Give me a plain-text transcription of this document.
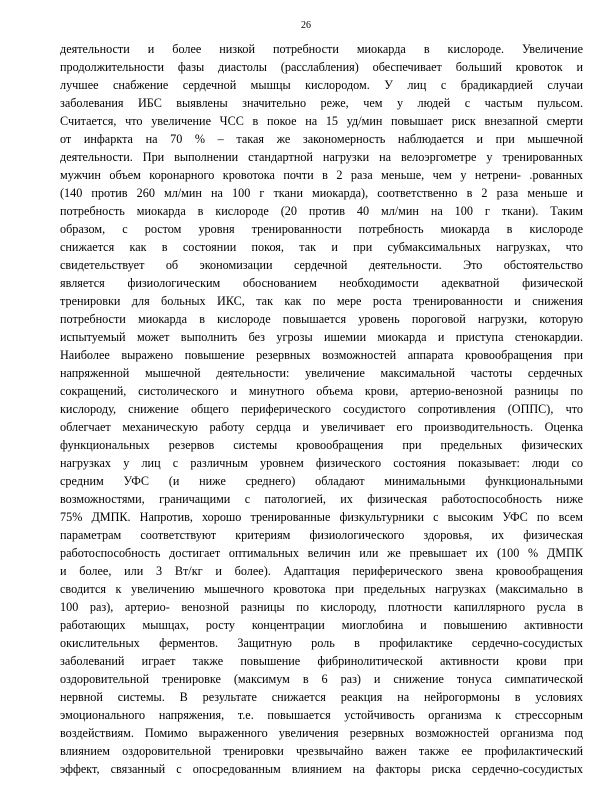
26
деятельности и более низкой потребности миокарда в кислороде. Увеличение
продолжительности фазы диастолы (расслабления) обеспечивает больший кровоток и
лучшее снабжение сердечной мышцы кислородом. У лиц с брадикардией случаи
заболевания ИБС выявлены значительно реже, чем у людей с частым пульсом.
Считается, что увеличение ЧСС в покое на 15 уд/мин повышает риск внезапной смерти
от инфаркта на 70 % – такая же закономерность наблюдается и при мышечной
деятельности. При выполнении стандартной нагрузки на велоэргометре у тренированных
мужчин объем коронарного кровотока почти в 2 раза меньше, чем у нетрени- .рованных
(140 против 260 мл/мин на 100 г ткани миокарда), соответственно в 2 раза меньше и
потребность миокарда в кислороде (20 против 40 мл/мин на 100 г ткани). Таким
образом, с ростом уровня тренированности потребность миокарда в кислороде
снижается как в состоянии покоя, так и при субмаксимальных нагрузках, что
свидетельствует об экономизации сердечной деятельности. Это обстоятельство
является физиологическим обоснованием необходимости адекватной физической
тренировки для больных ИКС, так как по мере роста тренированности и снижения
потребности миокарда в кислороде повышается уровень пороговой нагрузки, которую
испытуемый может выполнить без угрозы ишемии миокарда и приступа стенокардии.
Наиболее выражено повышение резервных возможностей аппарата кровообращения при
напряженной мышечной деятельности: увеличение максимальной частоты сердечных
сокращений, систолического и минутного объема крови, артерио-венозной разницы по
кислороду, снижение общего периферического сосудистого сопротивления (ОППС), что
облегчает механическую работу сердца и увеличивает его производительность. Оценка
функциональных резервов системы кровообращения при предельных физических
нагрузках у лиц с различным уровнем физического состояния показывает: люди со
средним УФС (и ниже среднего) обладают минимальными функциональными
возможностями, граничащими с патологией, их физическая работоспособность ниже
75% ДМПК. Напротив, хорошо тренированные физкультурники с высоким УФС по всем
параметрам соответствуют критериям физиологического здоровья, их физическая
работоспособность достигает оптимальных величин или же превышает их (100 % ДМПК
и более, или 3 Вт/кг и более). Адаптация периферического звена кровообращения
сводится к увеличению мышечного кровотока при предельных нагрузках (максимально в
100 раз), артерио- венозной разницы по кислороду, плотности капиллярного русла в
работающих мышцах, росту концентрации миоглобина и повышению активности
окислительных ферментов. Защитную роль в профилактике сердечно-сосудистых
заболеваний играет также повышение фибринолитической активности крови при
оздоровительной тренировке (максимум в 6 раз) и снижение тонуса симпатической
нервной системы. В результате снижается реакция на нейрогормоны в условиях
эмоционального напряжения, т.е. повышается устойчивость организма к стрессорным
воздействиям. Помимо выраженного увеличения резервных возможностей организма под
влиянием оздоровительной тренировки чрезвычайно важен также ее профилактический
эффект, связанный с опосредованным влиянием на факторы риска сердечно-сосудистых
